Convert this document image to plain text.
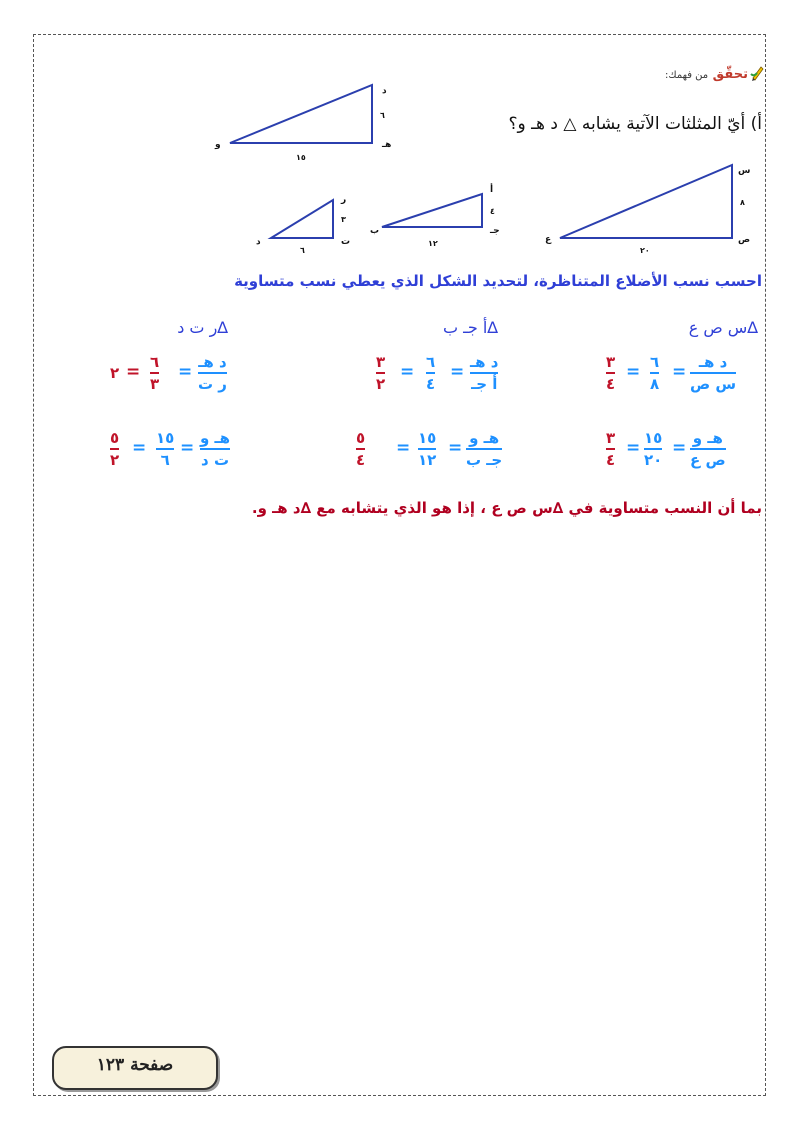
تحقّق من فهمك:
أ) أيّ المثلثات الآتية يشابه △ د هـ و؟
د
هـ
و
٦
١٥
س
ص
ع
٨
٢٠
أ
جـ
ب
٤
١٢
ر
ت
د
٣
٦
احسب نسب الأضلاع المتناظرة، لتحديد الشكل الذي يعطي نسب متساوية
∆س ص ع
∆أ جـ ب
∆ر ت د
د هـ
س ص
=
٦
٨
=
٣
٤
هـ و
ص ع
=
١٥
٢٠
=
٣
٤
د هـ
أ جـ
=
٦
٤
=
٣
٢
هـ و
جـ ب
=
١٥
١٢
=
٥
٤
د هـ
ر ت
=
٦
٣
=
٢
هـ و
ت د
=
١٥
٦
=
٥
٢
بما أن النسب متساوية في ∆س ص ع ، إذا هو الذي يتشابه مع ∆د هـ و.
صفحة ١٢٣
